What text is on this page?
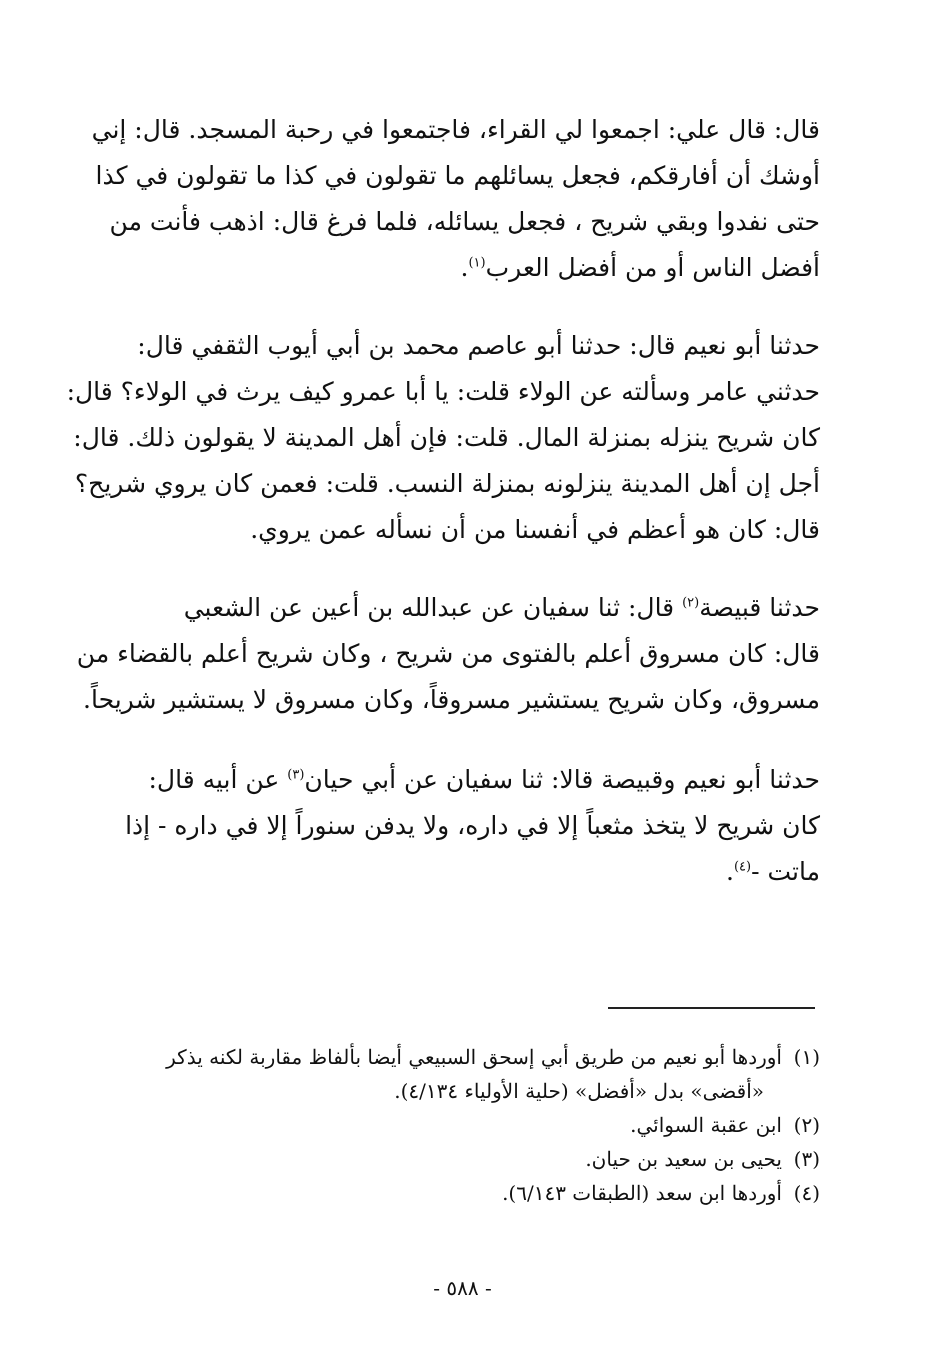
قال: قال علي: اجمعوا لي القراء، فاجتمعوا في رحبة المسجد. قال: إني
أوشك أن أفارقكم، فجعل يسائلهم ما تقولون في كذا ما تقولون في كذا
حتى نفدوا وبقي شريح ، فجعل يسائله، فلما فرغ قال: اذهب فأنت من
أفضل الناس أو من أفضل العرب$^{(١)}$.
حدثنا أبو نعيم قال: حدثنا أبو عاصم محمد بن أبي أيوب الثقفي قال:
حدثني عامر وسألته عن الولاء قلت: يا أبا عمرو كيف يرث في الولاء؟ قال:
كان شريح ينزله بمنزلة المال. قلت: فإن أهل المدينة لا يقولون ذلك. قال:
أجل إن أهل المدينة ينزلونه بمنزلة النسب. قلت: فعمن كان يروي شريح؟
قال: كان هو أعظم في أنفسنا من أن نسأله عمن يروي.
حدثنا قبيصة$^{(٢)}$ قال: ثنا سفيان عن عبدالله بن أعين عن الشعبي
قال: كان مسروق أعلم بالفتوى من شريح ، وكان شريح أعلم بالقضاء من
مسروق، وكان شريح يستشير مسروقاً، وكان مسروق لا يستشير شريحاً.
حدثنا أبو نعيم وقبيصة قالا: ثنا سفيان عن أبي حيان$^{(٣)}$ عن أبيه قال:
كان شريح لا يتخذ مثعباً إلا في داره، ولا يدفن سنوراً إلا في داره - إذا
ماتت -$^{(٤)}$.
(١)أوردها أبو نعيم من طريق أبي إسحق السبيعي أيضا بألفاظ مقاربة لكنه يذكر
«أقضى» بدل «أفضل» (حلية الأولياء ٤/١٣٤).
(٢)ابن عقبة السوائي.
(٣)يحيى بن سعيد بن حيان.
(٤)أوردها ابن سعد (الطبقات ٦/١٤٣).
- ٥٨٨ -
